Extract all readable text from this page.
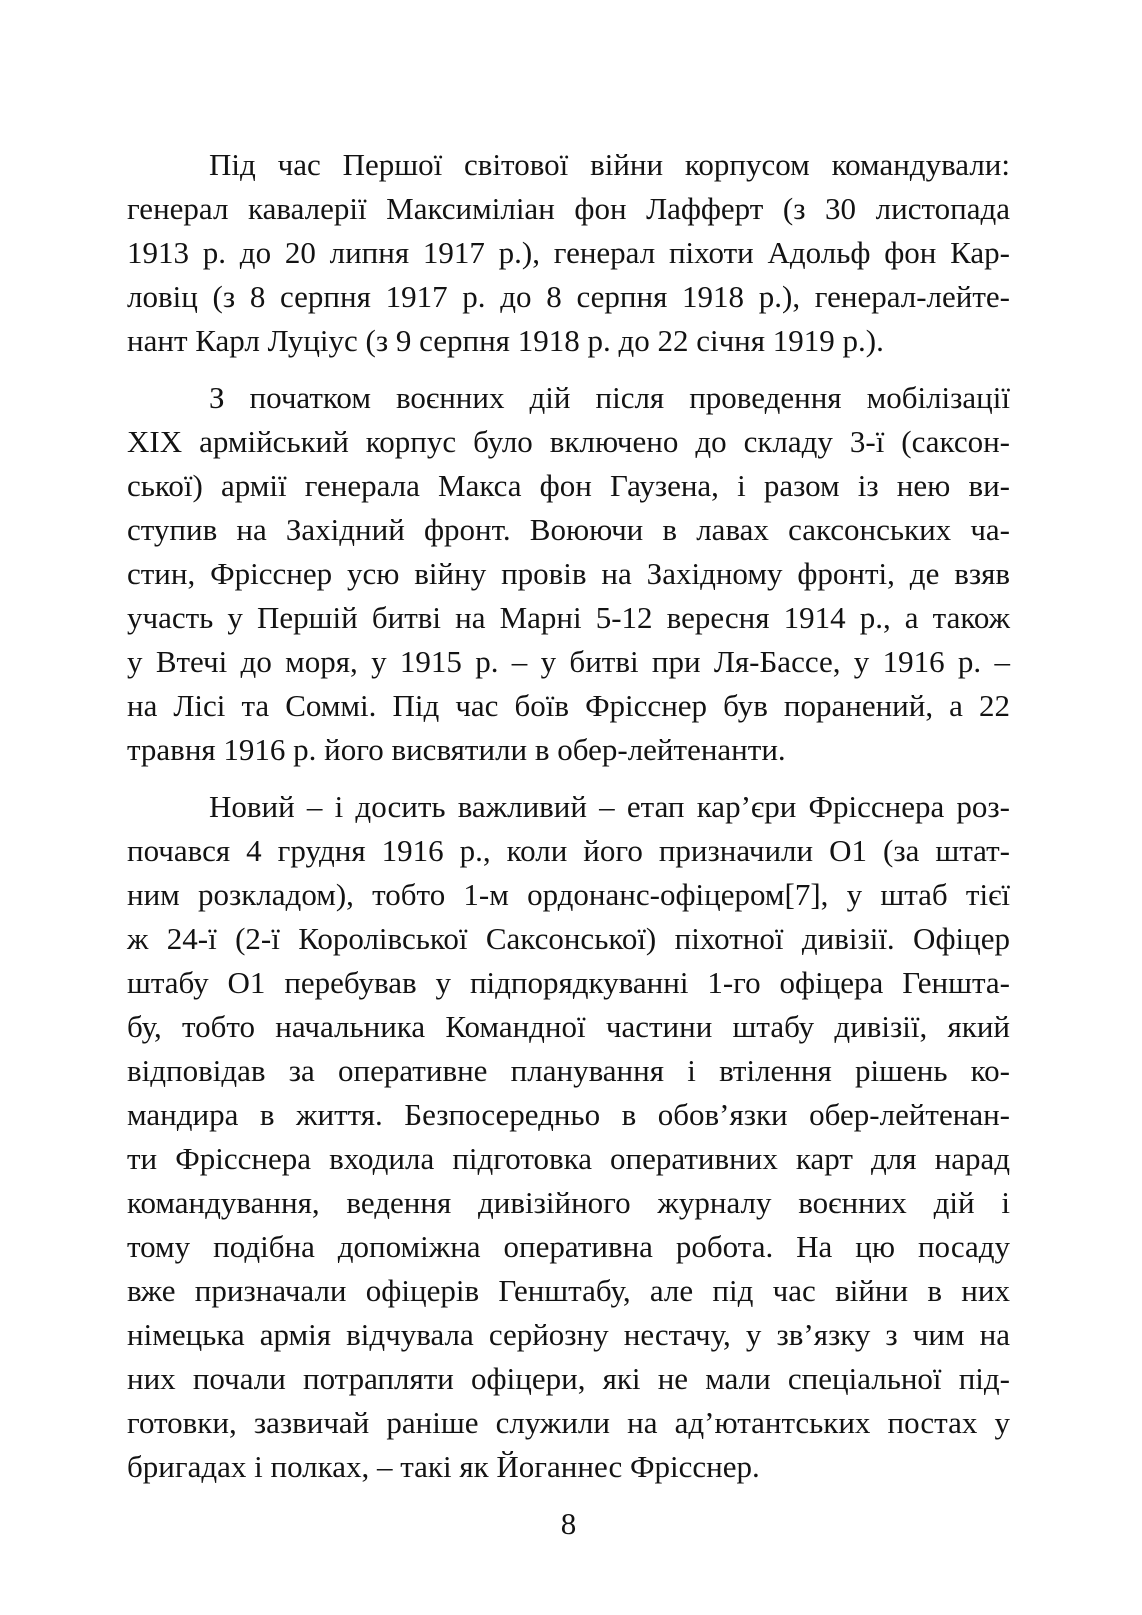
Під час Першої світової війни корпусом командували:
генерал кавалерії Максиміліан фон Лафферт (з 30 листопада
1913 р. до 20 липня 1917 р.), генерал піхоти Адольф фон Кар-
ловіц (з 8 серпня 1917 р. до 8 серпня 1918 р.), генерал-лейте-
нант Карл Луціус (з 9 серпня 1918 р. до 22 січня 1919 р.).
З початком воєнних дій після проведення мобілізації
XIX армійський корпус було включено до складу 3-ї (саксон-
ської) армії генерала Макса фон Гаузена, і разом із нею ви-
ступив на Західний фронт. Воюючи в лавах саксонських ча-
стин, Фрісснер усю війну провів на Західному фронті, де взяв
участь у Першій битві на Марні 5-12 вересня 1914 р., а також
у Втечі до моря, у 1915 р. – у битві при Ля-Бассе, у 1916 р. –
на Лісі та Соммі. Під час боїв Фрісснер був поранений, а 22
травня 1916 р. його висвятили в обер-лейтенанти.
Новий – і досить важливий – етап кар’єри Фрісснера роз-
почався 4 грудня 1916 р., коли його призначили О1 (за штат-
ним розкладом), тобто 1-м ордонанс-офіцером[7], у штаб тієї
ж 24-ї (2-ї Королівської Саксонської) піхотної дивізії. Офіцер
штабу О1 перебував у підпорядкуванні 1-го офіцера Геншта-
бу, тобто начальника Командної частини штабу дивізії, який
відповідав за оперативне планування і втілення рішень ко-
мандира в життя. Безпосередньо в обов’язки обер-лейтенан-
ти Фрісснера входила підготовка оперативних карт для нарад
командування, ведення дивізійного журналу воєнних дій і
тому подібна допоміжна оперативна робота. На цю посаду
вже призначали офіцерів Генштабу, але під час війни в них
німецька армія відчувала серйозну нестачу, у зв’язку з чим на
них почали потрапляти офіцери, які не мали спеціальної під-
готовки, зазвичай раніше служили на ад’ютантських постах у
бригадах і полках, – такі як Йоганнес Фрісснер.
8
